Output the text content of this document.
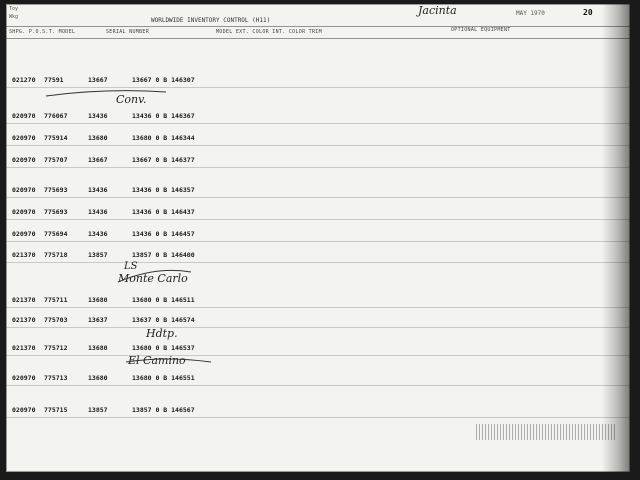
Toy
Wkg	WORLDWIDE INVENTORY CONTROL (H11)
Jacinta	MAY 1970	20
SHPG. P.O.S.T. MODEL	SERIAL NUMBER	MODEL EXT. COLOR INT. COLOR TRIM	OPTIONAL EQUIPMENT
021270 77591	13667	13667 0 B 146307
020970 776067	13436	13436 0 B 146367
020970 775914	13680	13680 0 B 146344
020970 775707	13667	13667 0 B 146377
020970 775693	13436	13436 0 B 146357
020970 775693	13436	13436 0 B 146437
020970 775694	13436	13436 0 B 146457
021370 775718	13857	13857 0 B 146400
021370 775711	13680	13680 0 B 146511
021370 775703	13637	13637 0 B 146574
021370 775712	13680	13680 0 B 146537
020970 775713	13680	13680 0 B 146551
020970 775715	13857	13857 0 B 146567
Conv.
LS
Monte Carlo
Hdtp.
El Camino
